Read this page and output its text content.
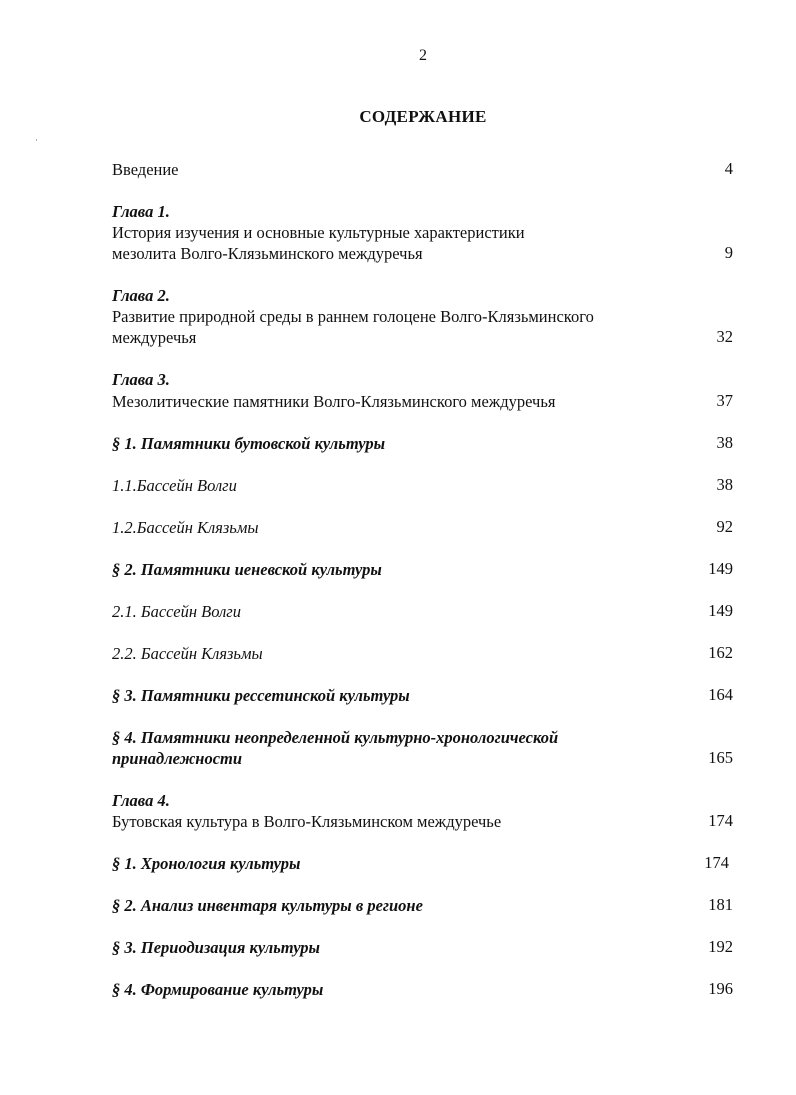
2
СОДЕРЖАНИЕ
·
Введение	4
Глава 1.
История изучения и основные культурные характеристики
мезолита Волго-Клязьминского междуречья	9
Глава 2.
Развитие природной среды в раннем голоцене Волго-Клязьминского
междуречья	32
Глава 3.
Мезолитические памятники Волго-Клязьминского междуречья	37
§ 1. Памятники бутовской культуры	38
1.1.Бассейн Волги	38
1.2.Бассейн Клязьмы	92
§ 2. Памятники иеневской культуры	149
2.1. Бассейн Волги	149
2.2. Бассейн Клязьмы	162
§ 3. Памятники рессетинской культуры	164
§ 4. Памятники неопределенной культурно-хронологической
принадлежности	165
Глава 4.
Бутовская культура в Волго-Клязьминском междуречье	174
§ 1. Хронология культуры	174
§ 2. Анализ инвентаря культуры в регионе	181
§ 3. Периодизация культуры	192
§ 4. Формирование культуры	196
